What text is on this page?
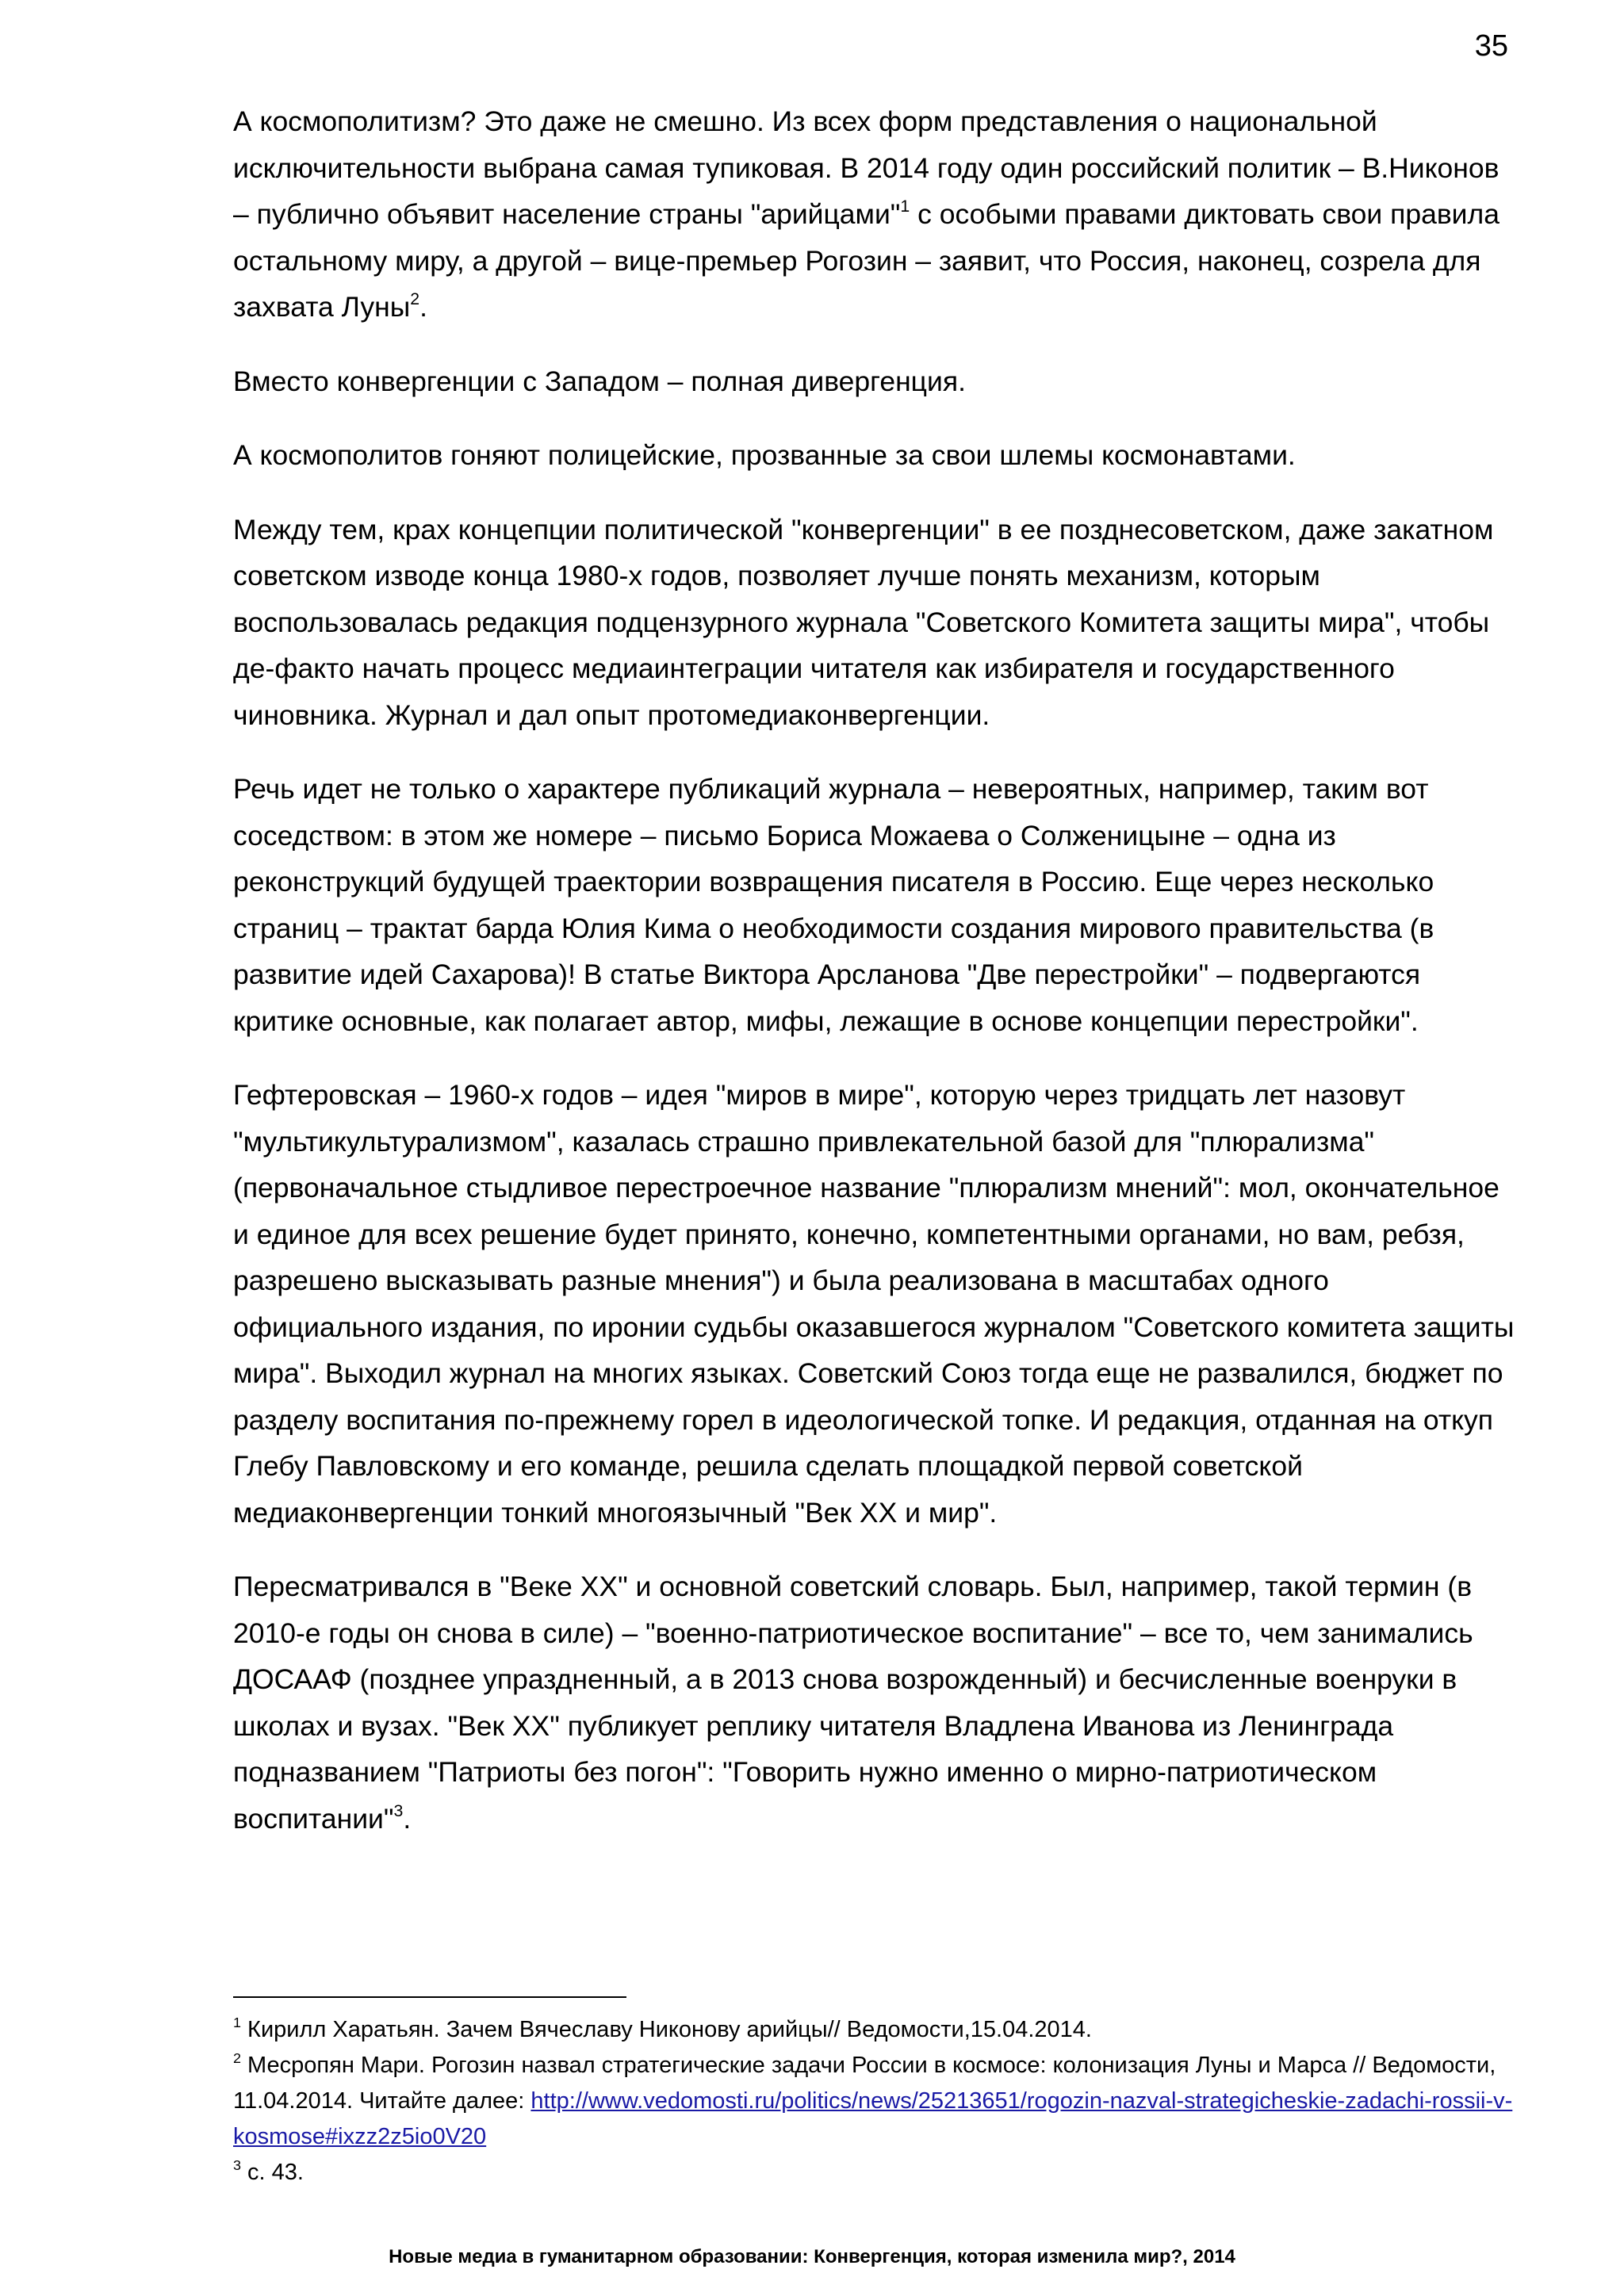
35

А космополитизм? Это даже не смешно. Из всех форм представления о национальной исключительности выбрана самая тупиковая. В 2014 году один российский политик – В.Никонов – публично объявит население страны "арийцами"$^1$ с особыми правами диктовать свои правила остальному миру, а другой – вице-премьер Рогозин – заявит, что Россия, наконец, созрела для захвата Луны$^2$.

Вместо конвергенции с Западом – полная дивергенция.

А космополитов гоняют полицейские, прозванные за свои шлемы космонавтами.

Между тем, крах концепции политической "конвергенции" в ее позднесоветском, даже закатном советском изводе конца 1980-х годов, позволяет лучше понять механизм, которым воспользовалась редакция подцензурного журнала "Советского Комитета защиты мира", чтобы де-факто начать процесс медиаинтеграции читателя как избирателя и государственного чиновника. Журнал и дал опыт протомедиаконвергенции.

Речь идет не только о характере публикаций журнала – невероятных, например, таким вот соседством: в этом же номере – письмо Бориса Можаева о Солженицыне – одна из реконструкций будущей траектории возвращения писателя в Россию. Еще через несколько страниц – трактат барда Юлия Кима о необходимости создания мирового правительства (в развитие идей Сахарова)! В статье Виктора Арсланова "Две перестройки" – подвергаются критике основные, как полагает автор, мифы, лежащие в основе концепции перестройки".

Гефтеровская – 1960-х годов – идея "миров в мире", которую через тридцать лет назовут "мультикультурализмом", казалась страшно привлекательной базой для "плюрализма" (первоначальное стыдливое перестроечное название "плюрализм мнений": мол, окончательное и единое для всех решение будет принято, конечно, компетентными органами, но вам, ребзя, разрешено высказывать разные мнения") и была реализована в масштабах одного официального издания, по иронии судьбы оказавшегося журналом "Советского комитета защиты мира". Выходил журнал на многих языках. Советский Союз тогда еще не развалился, бюджет по разделу воспитания по-прежнему горел в идеологической топке. И редакция, отданная на откуп Глебу Павловскому и его команде, решила сделать площадкой первой советской медиаконвергенции тонкий многоязычный "Век ХХ и мир".

Пересматривался в "Веке ХХ" и основной советский словарь. Был, например, такой термин (в 2010-е годы он снова в силе) – "военно-патриотическое воспитание" – все то, чем занимались ДОСААФ (позднее упраздненный, а в 2013 снова возрожденный) и бесчисленные военруки в школах и вузах. "Век ХХ" публикует реплику читателя Владлена Иванова из Ленинграда подназванием "Патриоты без погон": "Говорить нужно именно о мирно-патриотическом воспитании"$^3$.

$^1$ Кирилл Харатьян. Зачем Вячеславу Никонову арийцы// Ведомости,15.04.2014.

$^2$ Месропян Мари. Рогозин назвал стратегические задачи России в космосе: колонизация Луны и Марса // Ведомости, 11.04.2014. Читайте далее: http://www.vedomosti.ru/politics/news/25213651/rogozin-nazval-strategicheskie-zadachi-rossii-v-kosmose#ixzz2z5io0V20

$^3$ с. 43.

Новые медиа в гуманитарном образовании: Конвергенция, которая изменила мир?, 2014
